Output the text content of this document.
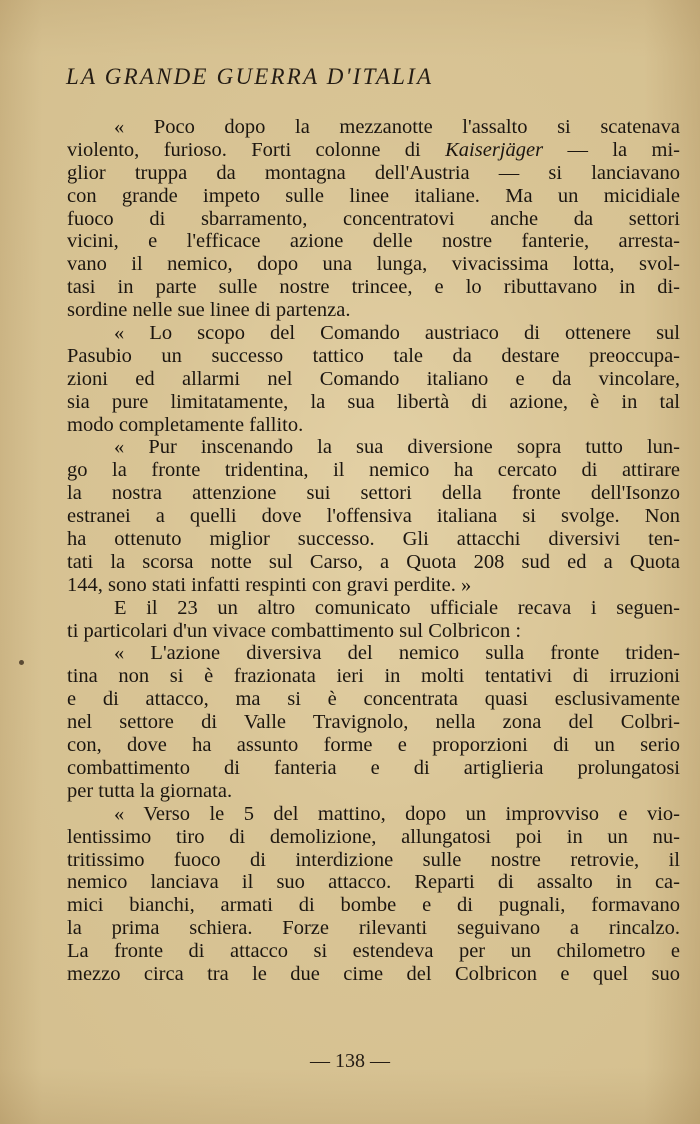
LA GRANDE GUERRA D'ITALIA
« Poco dopo la mezzanotte l'assalto si scatenava
violento, furioso. Forti colonne di Kaiserjäger — la mi-
glior truppa da montagna dell'Austria — si lanciavano
con grande impeto sulle linee italiane. Ma un micidiale
fuoco di sbarramento, concentratovi anche da settori
vicini, e l'efficace azione delle nostre fanterie, arresta-
vano il nemico, dopo una lunga, vivacissima lotta, svol-
tasi in parte sulle nostre trincee, e lo ributtavano in di-
sordine nelle sue linee di partenza.
« Lo scopo del Comando austriaco di ottenere sul
Pasubio un successo tattico tale da destare preoccupa-
zioni ed allarmi nel Comando italiano e da vincolare,
sia pure limitatamente, la sua libertà di azione, è in tal
modo completamente fallito.
« Pur inscenando la sua diversione sopra tutto lun-
go la fronte tridentina, il nemico ha cercato di attirare
la nostra attenzione sui settori della fronte dell'Isonzo
estranei a quelli dove l'offensiva italiana si svolge. Non
ha ottenuto miglior successo. Gli attacchi diversivi ten-
tati la scorsa notte sul Carso, a Quota 208 sud ed a Quota
144, sono stati infatti respinti con gravi perdite. »
E il 23 un altro comunicato ufficiale recava i seguen-
ti particolari d'un vivace combattimento sul Colbricon :
« L'azione diversiva del nemico sulla fronte triden-
tina non si è frazionata ieri in molti tentativi di irruzioni
e di attacco, ma si è concentrata quasi esclusivamente
nel settore di Valle Travignolo, nella zona del Colbri-
con, dove ha assunto forme e proporzioni di un serio
combattimento di fanteria e di artiglieria prolungatosi
per tutta la giornata.
« Verso le 5 del mattino, dopo un improvviso e vio-
lentissimo tiro di demolizione, allungatosi poi in un nu-
tritissimo fuoco di interdizione sulle nostre retrovie, il
nemico lanciava il suo attacco. Reparti di assalto in ca-
mici bianchi, armati di bombe e di pugnali, formavano
la prima schiera. Forze rilevanti seguivano a rincalzo.
La fronte di attacco si estendeva per un chilometro e
mezzo circa tra le due cime del Colbricon e quel suo
— 138 —
